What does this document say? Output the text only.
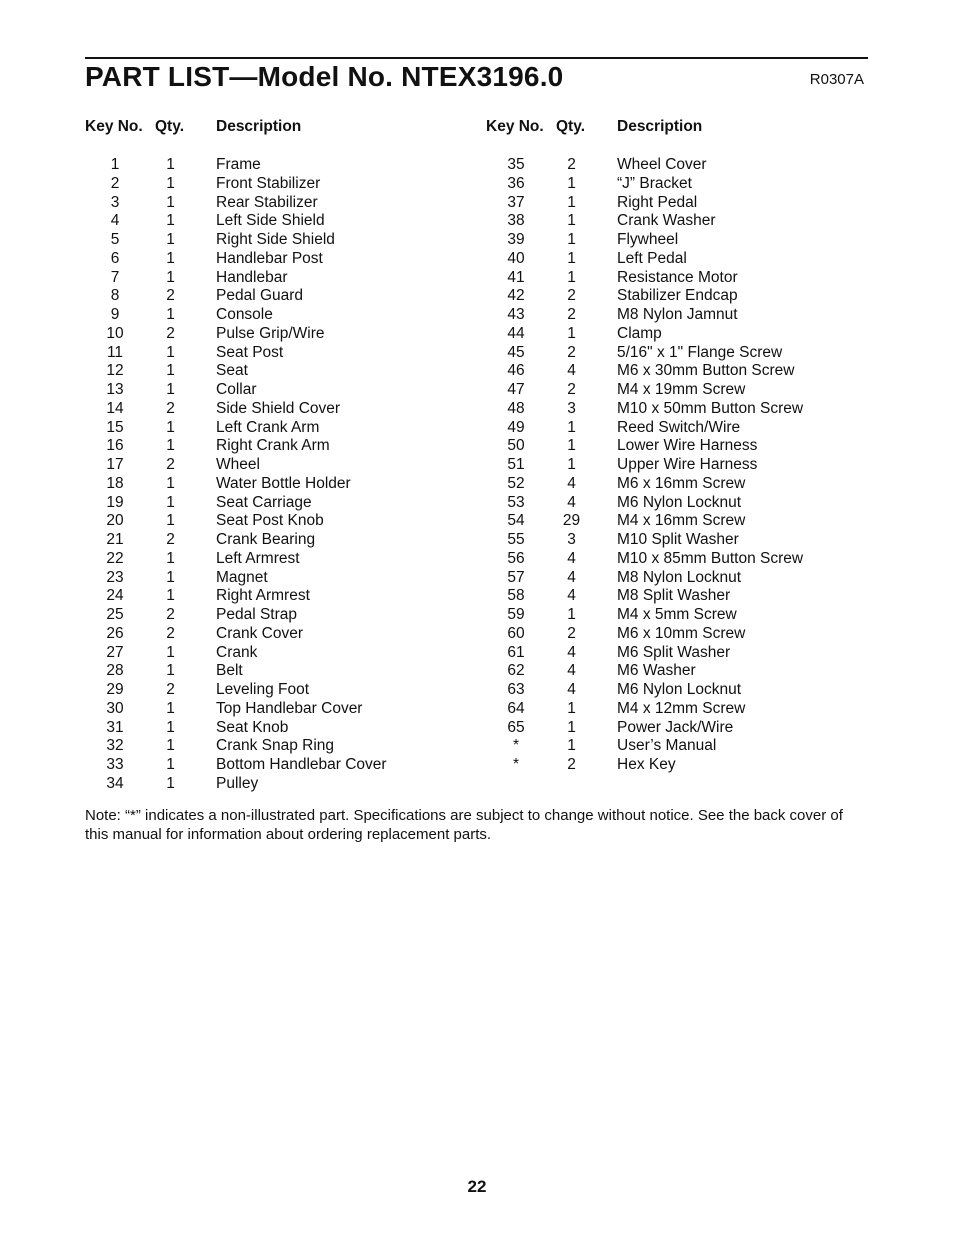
PART LIST—Model No. NTEX3196.0	R0307A
Key No.	Qty.	Description
1	1	Frame
2	1	Front Stabilizer
3	1	Rear Stabilizer
4	1	Left Side Shield
5	1	Right Side Shield
6	1	Handlebar Post
7	1	Handlebar
8	2	Pedal Guard
9	1	Console
10	2	Pulse Grip/Wire
11	1	Seat Post
12	1	Seat
13	1	Collar
14	2	Side Shield Cover
15	1	Left Crank Arm
16	1	Right Crank Arm
17	2	Wheel
18	1	Water Bottle Holder
19	1	Seat Carriage
20	1	Seat Post Knob
21	2	Crank Bearing
22	1	Left Armrest
23	1	Magnet
24	1	Right Armrest
25	2	Pedal Strap
26	2	Crank Cover
27	1	Crank
28	1	Belt
29	2	Leveling Foot
30	1	Top Handlebar Cover
31	1	Seat Knob
32	1	Crank Snap Ring
33	1	Bottom Handlebar Cover
34	1	Pulley
Key No.	Qty.	Description
35	2	Wheel Cover
36	1	“J” Bracket
37	1	Right Pedal
38	1	Crank Washer
39	1	Flywheel
40	1	Left Pedal
41	1	Resistance Motor
42	2	Stabilizer Endcap
43	2	M8 Nylon Jamnut
44	1	Clamp
45	2	5/16" x 1" Flange Screw
46	4	M6 x 30mm Button Screw
47	2	M4 x 19mm Screw
48	3	M10 x 50mm Button Screw
49	1	Reed Switch/Wire
50	1	Lower Wire Harness
51	1	Upper Wire Harness
52	4	M6 x 16mm Screw
53	4	M6 Nylon Locknut
54	29	M4 x 16mm Screw
55	3	M10 Split Washer
56	4	M10 x 85mm Button Screw
57	4	M8 Nylon Locknut
58	4	M8 Split Washer
59	1	M4 x 5mm Screw
60	2	M6 x 10mm Screw
61	4	M6 Split Washer
62	4	M6 Washer
63	4	M6 Nylon Locknut
64	1	M4 x 12mm Screw
65	1	Power Jack/Wire
*	1	User’s Manual
*	2	Hex Key
Note: “*” indicates a non-illustrated part. Specifications are subject to change without notice. See the back cover of this manual for information about ordering replacement parts.
22
